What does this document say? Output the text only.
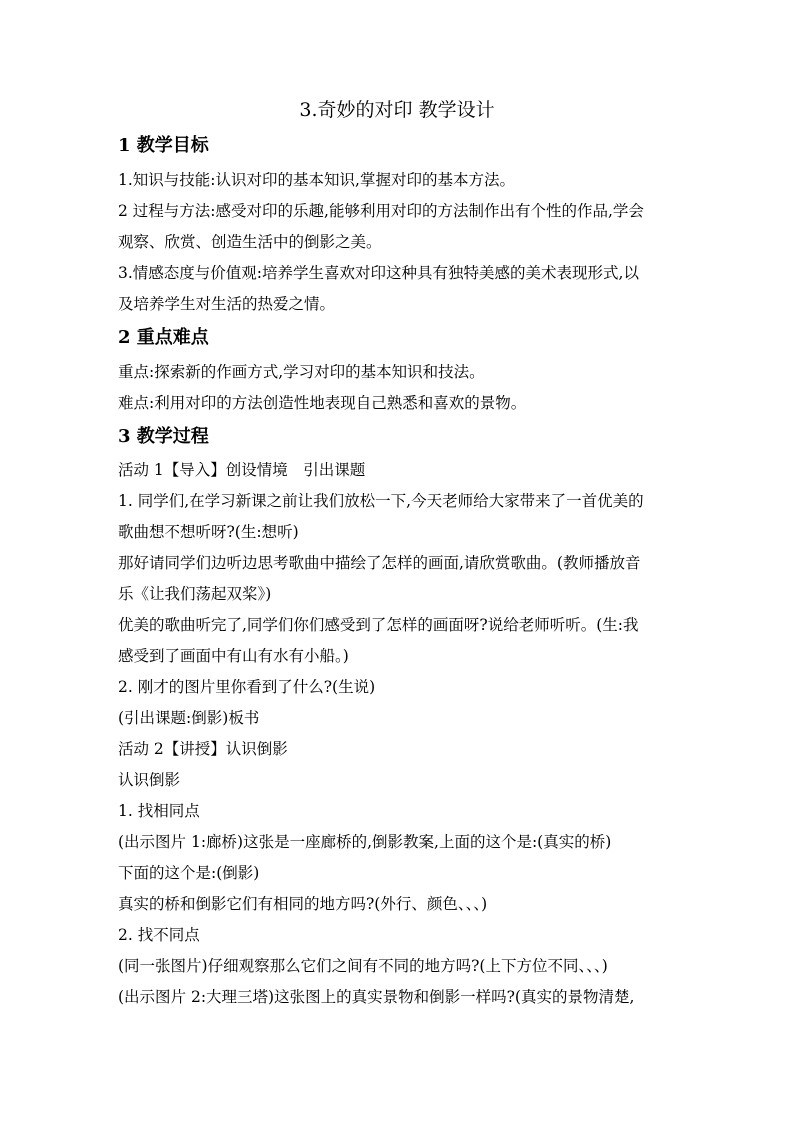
3.奇妙的对印 教学设计
1 教学目标

1.知识与技能:认识对印的基本知识,掌握对印的基本方法。

2 过程与方法:感受对印的乐趣,能够利用对印的方法制作出有个性的作品,学会

观察、欣赏、创造生活中的倒影之美。

3.情感态度与价值观:培养学生喜欢对印这种具有独特美感的美术表现形式,以

及培养学生对生活的热爱之情。

2 重点难点

重点:探索新的作画方式,学习对印的基本知识和技法。

难点:利用对印的方法创造性地表现自己熟悉和喜欢的景物。

3 教学过程

活动 1【导入】创设情境　引出课题

1. 同学们,在学习新课之前让我们放松一下,今天老师给大家带来了一首优美的

歌曲想不想听呀?(生:想听)

那好请同学们边听边思考歌曲中描绘了怎样的画面,请欣赏歌曲。(教师播放音

乐《让我们荡起双桨》)

优美的歌曲听完了,同学们你们感受到了怎样的画面呀?说给老师听听。(生:我

感受到了画面中有山有水有小船。)

2. 刚才的图片里你看到了什么?(生说)

(引出课题:倒影)板书

活动 2【讲授】认识倒影

认识倒影

1. 找相同点

(出示图片 1:廊桥)这张是一座廊桥的,倒影教案,上面的这个是:(真实的桥)

下面的这个是:(倒影)

真实的桥和倒影它们有相同的地方吗?(外行、颜色、、、)

2. 找不同点

(同一张图片)仔细观察那么它们之间有不同的地方吗?(上下方位不同、、、)

(出示图片 2:大理三塔)这张图上的真实景物和倒影一样吗?(真实的景物清楚,
